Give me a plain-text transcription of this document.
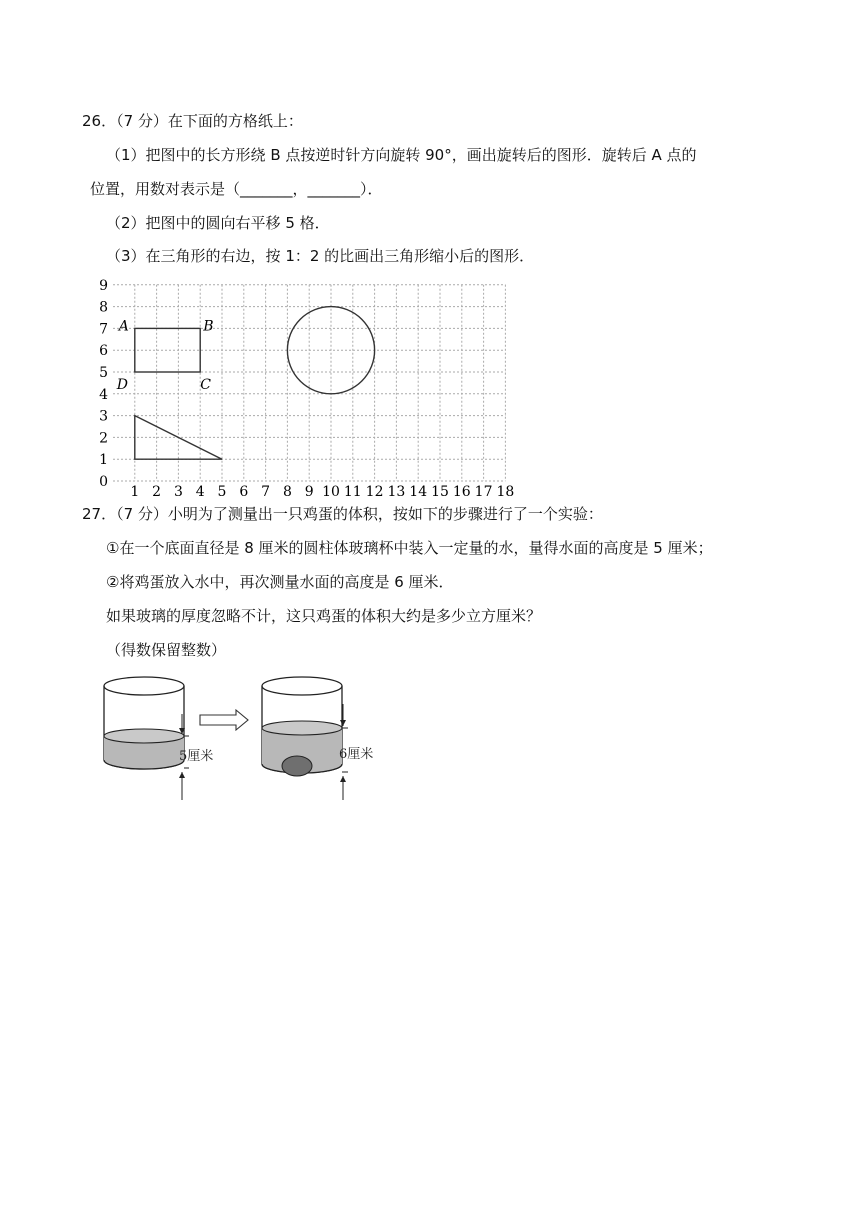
26．（7 分）在下面的方格纸上：
（1）把图中的长方形绕 B 点按逆时针方向旋转 90°，画出旋转后的图形．旋转后 A 点的
位置，用数对表示是（_______，_______）．
（2）把图中的圆向右平移 5 格．
（3）在三角形的右边，按 1：2 的比画出三角形缩小后的图形．
1 2 3 4 5 6 7 8 9 10 11 12 13 14 15 16 17 18
0
1
2
3
4
5
6
7
8
9
A	B
C
D
27．（7 分）小明为了测量出一只鸡蛋的体积，按如下的步骤进行了一个实验：
①在一个底面直径是 8 厘米的圆柱体玻璃杯中装入一定量的水，量得水面的高度是 5 厘米；
②将鸡蛋放入水中，再次测量水面的高度是 6 厘米．
如果玻璃的厚度忽略不计，这只鸡蛋的体积大约是多少立方厘米？
（得数保留整数）
5厘米	6厘米
